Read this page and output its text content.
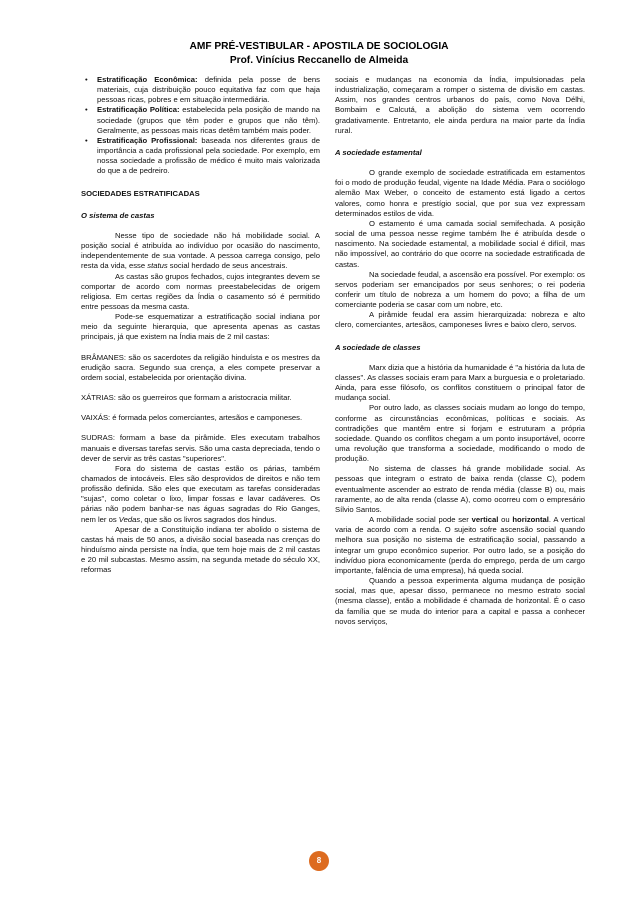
AMF PRÉ-VESTIBULAR - APOSTILA DE SOCIOLOGIA
Prof. Vinícius Reccanello de Almeida
• Estratificação Econômica: definida pela posse de bens materiais, cuja distribuição pouco equitativa faz com que haja pessoas ricas, pobres e em situação intermediária.
• Estratificação Política: estabelecida pela posição de mando na sociedade (grupos que têm poder e grupos que não têm). Geralmente, as pessoas mais ricas detêm também mais poder.
• Estratificação Profissional: baseada nos diferentes graus de importância a cada profissional pela sociedade. Por exemplo, em nossa sociedade a profissão de médico é muito mais valorizada do que a de pedreiro.
SOCIEDADES ESTRATIFICADAS
O sistema de castas

Nesse tipo de sociedade não há mobilidade social. A posição social é atribuída ao indivíduo por ocasião do nascimento, independentemente de sua vontade. A pessoa carrega consigo, pelo resta da vida, esse status social herdado de seus ancestrais.

As castas são grupos fechados, cujos integrantes devem se comportar de acordo com normas preestabelecidas de origem religiosa. Em certas regiões da Índia o casamento só é permitido entre pessoas da mesma casta.

Pode-se esquematizar a estratificação social indiana por meio da seguinte hierarquia, que apresenta apenas as castas principais, já que existem na Índia mais de 2 mil castas:

BRÂMANES: são os sacerdotes da religião hinduísta e os mestres da erudição sacra. Segundo sua crença, a eles compete preservar a ordem social, estabelecida por orientação divina.

XÁTRIAS: são os guerreiros que formam a aristocracia militar.

VAIXÁS: é formada pelos comerciantes, artesãos e camponeses.

SUDRAS: formam a base da pirâmide. Eles executam trabalhos manuais e diversas tarefas servis. São uma casta depreciada, tendo o dever de servir as três castas "superiores".

Fora do sistema de castas estão os párias, também chamados de intocáveis. Eles são desprovidos de direitos e não tem profissão definida. São eles que executam as tarefas consideradas "sujas", como coletar o lixo, limpar fossas e lavar cadáveres. Os párias não podem banhar-se nas águas sagradas do Rio Ganges, nem ler os Vedas, que são os livros sagrados dos hindus.

Apesar de a Constituição indiana ter abolido o sistema de castas há mais de 50 anos, a divisão social baseada nas crenças do hinduísmo ainda persiste na Índia, que tem hoje mais de 2 mil castas e 20 mil subcastas. Mesmo assim, na segunda metade do século XX, reformas

sociais e mudanças na economia da Índia, impulsionadas pela industrialização, começaram a romper o sistema de divisão em castas. Assim, nos grandes centros urbanos do país, como Nova Délhi, Bombaim e Calcutá, a abolição do sistema vem ocorrendo gradativamente. Entretanto, ele ainda perdura na maior parte da Índia rural.

A sociedade estamental

O grande exemplo de sociedade estratificada em estamentos foi o modo de produção feudal, vigente na Idade Média. Para o sociólogo alemão Max Weber, o conceito de estamento está ligado a certos valores, como honra e prestígio social, que por sua vez expressam determinados estilos de vida.

O estamento é uma camada social semifechada. A posição social de uma pessoa nesse regime também lhe é atribuída desde o nascimento. Na sociedade estamental, a mobilidade social é difícil, mas não impossível, ao contrário do que ocorre na sociedade estratificada de castas.

Na sociedade feudal, a ascensão era possível. Por exemplo: os servos poderiam ser emancipados por seus senhores; o rei poderia conferir um título de nobreza a um homem do povo; a filha de um comerciante poderia se casar com um nobre, etc.

A pirâmide feudal era assim hierarquizada: nobreza e alto clero, comerciantes, artesãos, camponeses livres e baixo clero, servos.

A sociedade de classes

Marx dizia que a história da humanidade é "a história da luta de classes". As classes sociais eram para Marx a burguesia e o proletariado. Ainda, para esse filósofo, os conflitos constituem o principal fator de mudança social.

Por outro lado, as classes sociais mudam ao longo do tempo, conforme as circunstâncias econômicas, políticas e sociais. As contradições que mantêm entre si forjam e estruturam a própria sociedade. Quando os conflitos chegam a um ponto insuportável, ocorre uma revolução que transforma a sociedade, modificando o modo de produção.

No sistema de classes há grande mobilidade social. As pessoas que integram o estrato de baixa renda (classe C), podem eventualmente ascender ao estrato de renda média (classe B) ou, mais raramente, ao de alta renda (classe A), como ocorreu com o empresário Sílvio Santos.

A mobilidade social pode ser vertical ou horizontal. A vertical varia de acordo com a renda. O sujeito sofre ascensão social quando melhora sua posição no sistema de estratificação social, passando a integrar um grupo econômico superior. Por outro lado, se a posição do indivíduo piora economicamente (perda do emprego, perda de um cargo importante, falência de uma empresa), há queda social.

Quando a pessoa experimenta alguma mudança de posição social, mas que, apesar disso, permanece no mesmo estrato social (mesma classe), então a mobilidade é chamada de horizontal. É o caso da família que se muda do interior para a capital e passa a conhecer novos serviços,

8
